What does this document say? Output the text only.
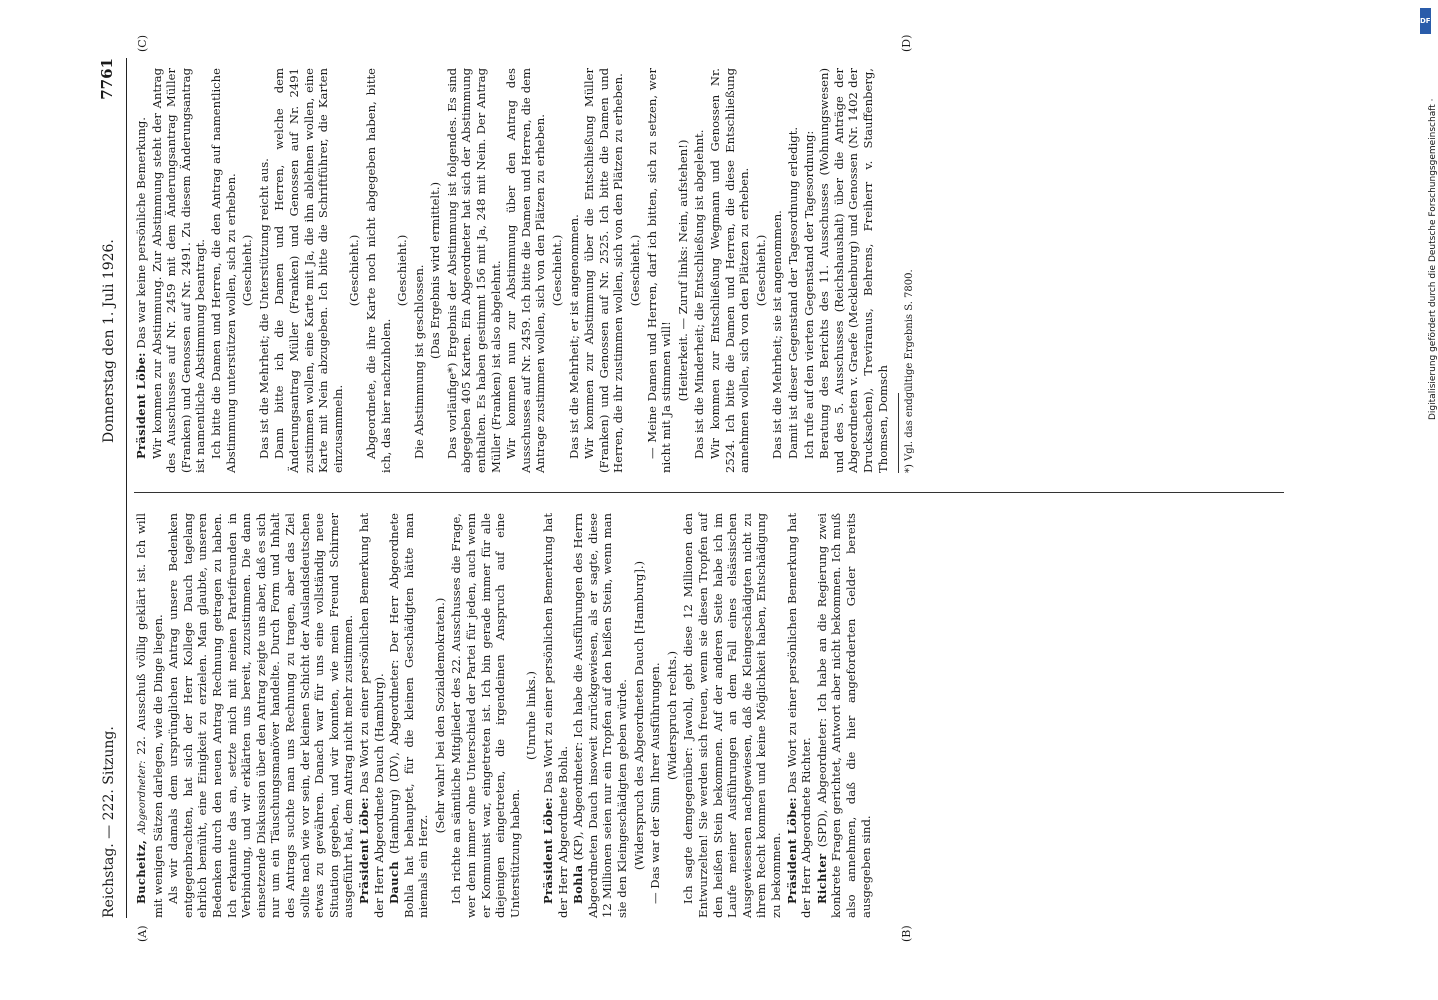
Reichstag. — 222. Sitzung.
Donnerstag den 1. Juli 1926.
7761
(A)	(B)
(C)	(D)

Bucheitz, Abgeordneter: 22. Ausschuß völlig geklärt ist. Ich will mit wenigen Sätzen darlegen, wie die Dinge liegen. Als wir damals dem ursprünglichen Antrag unsere Bedenken entgegenbrachten, hat sich der Herr Kollege Dauch tagelang ehrlich bemüht, eine Einigkeit zu erzielen. Man glaubte, unseren Bedenken durch den neuen Antrag Rechnung getragen zu haben. Ich erkannte das an, setzte mich mit meinen Parteifreunden in Verbindung, und wir erklärten uns bereit, zuzustimmen. Die dann einsetzende Diskussion über den Antrag zeigte uns aber, daß es sich nur um ein Täuschungsmanöver handelte. Durch Form und Inhalt des Antrags suchte man uns Rechnung zu tragen, aber das Ziel sollte nach wie vor sein, der kleinen Schicht der Auslandsdeutschen etwas zu gewähren. Danach war für uns eine vollständig neue Situation gegeben, und wir konnten, wie mein Freund Schirmer ausgeführt hat, dem Antrag nicht mehr zustimmen. Präsident Löbe: Das Wort zu einer persönlichen Bemerkung hat der Herr Abgeordnete Dauch (Hamburg). Dauch (Hamburg) (DV), Abgeordneter: Der Herr Abgeordnete Bohla hat behauptet, für die kleinen Geschädigten hätte man niemals ein Herz.

(Sehr wahr! bei den Sozialdemokraten.) Ich richte an sämtliche Mitglieder des 22. Ausschusses die Frage, wer denn immer ohne Unterschied der Partei für jeden, auch wenn er Kommunist war, eingetreten ist. Ich bin gerade immer für alle diejenigen eingetreten, die irgendeinen Anspruch auf eine Unterstützung haben.

(Unruhe links.)

Präsident Löbe: Das Wort zu einer persönlichen Bemerkung hat der Herr Abgeordnete Bohla. Bohla (KP), Abgeordneter: Ich habe die Ausführungen des Herrn Abgeordneten Dauch insoweit zurückgewiesen, als er sagte, diese 12 Millionen seien nur ein Tropfen auf den heißen Stein, wenn man sie den Kleingeschädigten geben würde. (Widerspruch des Abgeordneten Dauch [Hamburg].) — Das war der Sinn Ihrer Ausführungen. (Widerspruch rechts.) Ich sagte demgegenüber: Jawohl, gebt diese 12 Millionen den Entwurzelten! Sie werden sich freuen, wenn sie diesen Tropfen auf den heißen Stein bekommen. Auf der anderen Seite habe ich im Laufe meiner Ausführungen an dem Fall eines elsässischen Ausgewiesenen nachgewiesen, daß die Kleingeschädigten nicht zu ihrem Recht kommen und keine Möglichkeit haben, Entschädigung zu bekommen. Präsident Löbe: Das Wort zu einer persönlichen Bemerkung hat der Herr Abgeordnete Richter. Richter (SPD), Abgeordneter: Ich habe an die Regierung zwei konkrete Fragen gerichtet, Antwort aber nicht bekommen. Ich muß also annehmen, daß die hier angeforderten Gelder bereits ausgegeben sind.

Präsident Löbe: Das war keine persönliche Bemerkung. Wir kommen zur Abstimmung. Zur Abstimmung steht der Antrag des Ausschusses auf Nr. 2459 mit dem Änderungsantrag Müller (Franken) und Genossen auf Nr. 2491. Zu diesem Änderungsantrag ist namentliche Abstimmung beantragt. Ich bitte die Damen und Herren, die den Antrag auf namentliche Abstimmung unterstützen wollen, sich zu erheben. (Geschieht.) Das ist die Mehrheit; die Unterstützung reicht aus. Dann bitte ich die Damen und Herren, welche dem Änderungsantrag Müller (Franken) und Genossen auf Nr. 2491 zustimmen wollen, eine Karte mit Ja, die ihn ablehnen wollen, eine Karte mit Nein abzugeben. Ich bitte die Schriftführer, die Karten einzusammeln.

(Geschieht.) Abgeordnete, die ihre Karte noch nicht abgegeben haben, bitte ich, das hier nachzuholen.

(Geschieht.) Die Abstimmung ist geschlossen. (Das Ergebnis wird ermittelt.) Das vorläufige*) Ergebnis der Abstimmung ist folgendes. Es sind abgegeben 405 Karten. Ein Abgeordneter hat sich der Abstimmung enthalten. Es haben gestimmt 156 mit Ja, 248 mit Nein. Der Antrag Müller (Franken) ist also abgelehnt. Wir kommen nun zur Abstimmung über den Antrag des Ausschusses auf Nr. 2459. Ich bitte die Damen und Herren, die dem Antrage zustimmen wollen, sich von den Plätzen zu erheben. (Geschieht.) Das ist die Mehrheit; er ist angenommen. Wir kommen zur Abstimmung über die Entschließung Müller (Franken) und Genossen auf Nr. 2525. Ich bitte die Damen und Herren, die ihr zustimmen wollen, sich von den Plätzen zu erheben. (Geschieht.) — Meine Damen und Herren, darf ich bitten, sich zu setzen, wer nicht mit Ja stimmen will! (Heiterkeit. — Zuruf links: Nein, aufstehen!) Das ist die Minderheit; die Entschließung ist abgelehnt. Wir kommen zur Entschließung Wegmann und Genossen Nr. 2524. Ich bitte die Damen und Herren, die diese Entschließung annehmen wollen, sich von den Plätzen zu erheben. (Geschieht.) Das ist die Mehrheit; sie ist angenommen. Damit ist dieser Gegenstand der Tagesordnung erledigt. Ich rufe auf den vierten Gegenstand der Tagesordnung: Beratung des Berichts des 11. Ausschusses (Wohnungswesen) und des 5. Ausschusses (Reichshaushalt) über die Anträge der Abgeordneten v. Graefe (Mecklenburg) und Genossen (Nr. 1402 der Drucksachen), Treviranus, Behrens, Freiherr v. Stauffenberg, Thomsen, Domsch *) Vgl. das endgültige Ergebnis S. 7800.	Digitalisierung gefördert durch die Deutsche Forschungsgemeinschaft ·
DFG
